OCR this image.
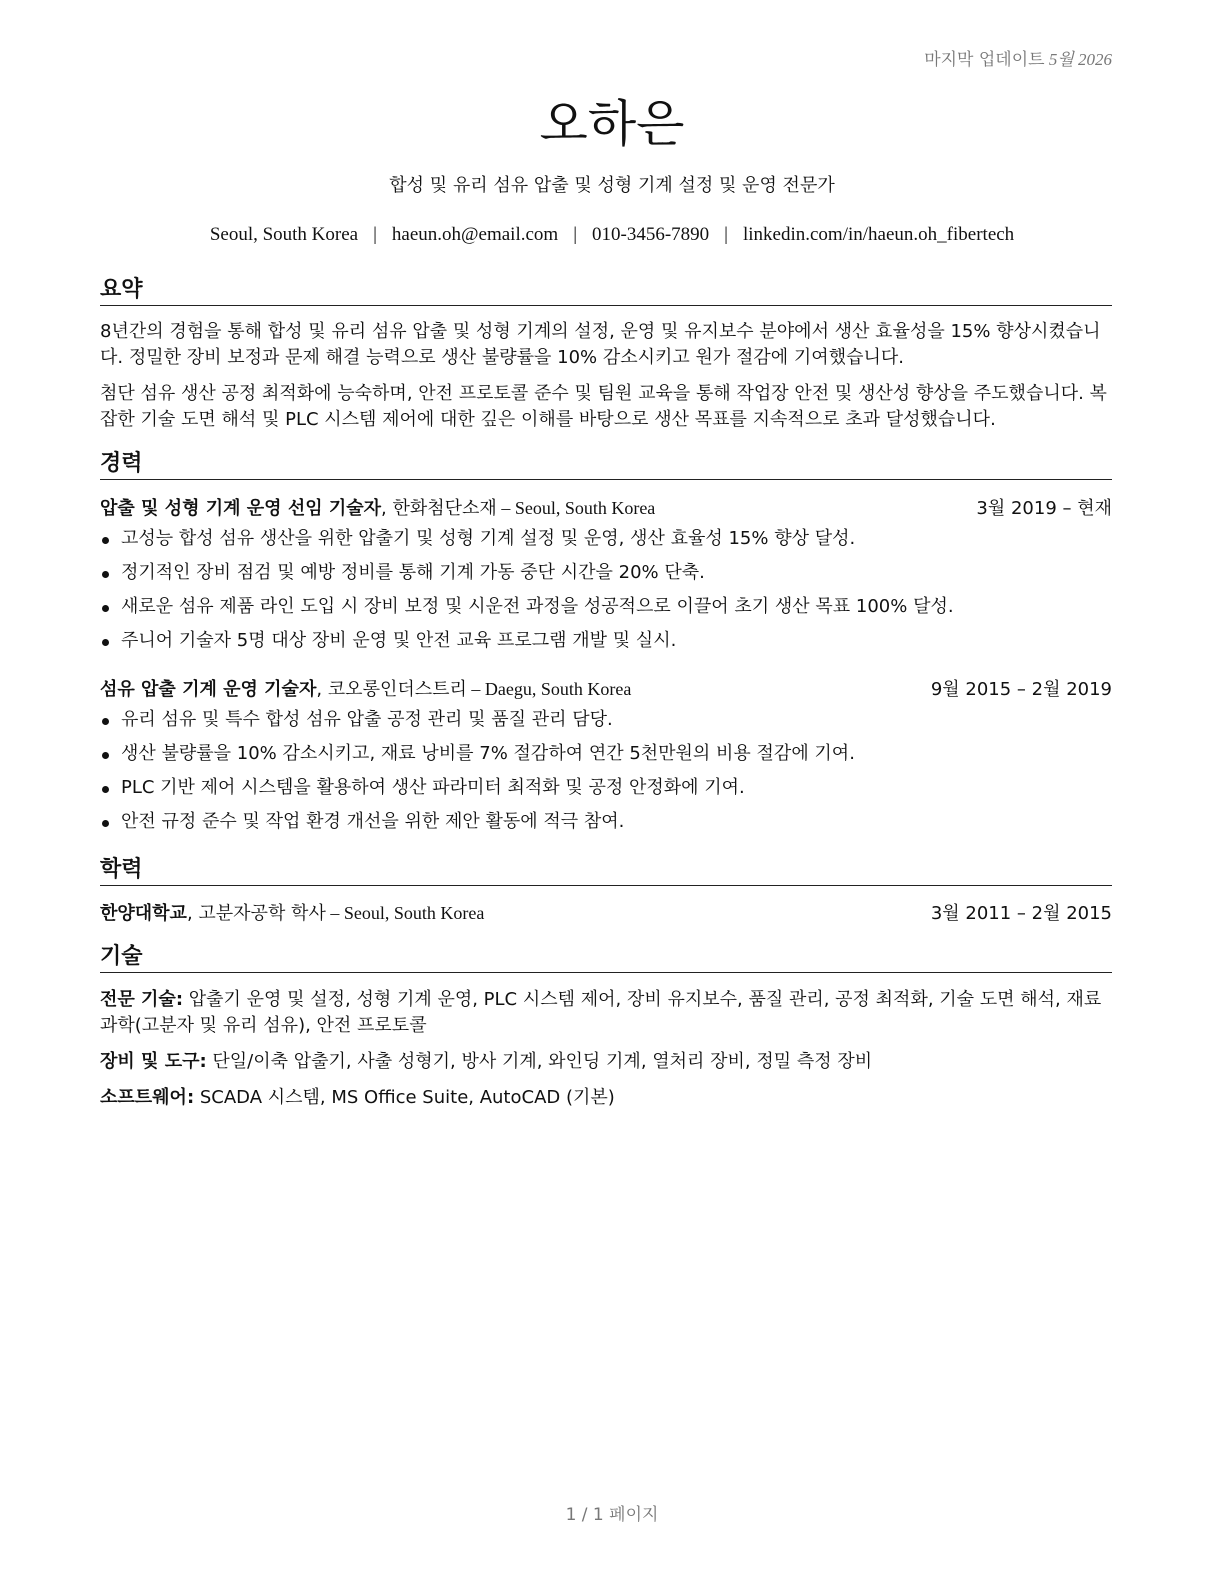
마지막 업데이트 5월 2026
오하은
합성 및 유리 섬유 압출 및 성형 기계 설정 및 운영 전문가
Seoul, South Korea | haeun.oh@email.com | 010-3456-7890 | linkedin.com/in/haeun.oh_fibertech
요약

8년간의 경험을 통해 합성 및 유리 섬유 압출 및 성형 기계의 설정, 운영 및 유지보수 분야에서 생산 효율성을 15% 향상시켰습니다. 정밀한 장비 보정과 문제 해결 능력으로 생산 불량률을 10% 감소시키고 원가 절감에 기여했습니다.

첨단 섬유 생산 공정 최적화에 능숙하며, 안전 프로토콜 준수 및 팀원 교육을 통해 작업장 안전 및 생산성 향상을 주도했습니다. 복잡한 기술 도면 해석 및 PLC 시스템 제어에 대한 깊은 이해를 바탕으로 생산 목표를 지속적으로 초과 달성했습니다.

경력
압출 및 성형 기계 운영 선임 기술자, 한화첨단소재 – Seoul, South Korea	3월 2019 – 현재
고성능 합성 섬유 생산을 위한 압출기 및 성형 기계 설정 및 운영, 생산 효율성 15% 향상 달성.
정기적인 장비 점검 및 예방 정비를 통해 기계 가동 중단 시간을 20% 단축.
새로운 섬유 제품 라인 도입 시 장비 보정 및 시운전 과정을 성공적으로 이끌어 초기 생산 목표 100% 달성.
주니어 기술자 5명 대상 장비 운영 및 안전 교육 프로그램 개발 및 실시.
섬유 압출 기계 운영 기술자, 코오롱인더스트리 – Daegu, South Korea	9월 2015 – 2월 2019
유리 섬유 및 특수 합성 섬유 압출 공정 관리 및 품질 관리 담당.
생산 불량률을 10% 감소시키고, 재료 낭비를 7% 절감하여 연간 5천만원의 비용 절감에 기여.
PLC 기반 제어 시스템을 활용하여 생산 파라미터 최적화 및 공정 안정화에 기여.
안전 규정 준수 및 작업 환경 개선을 위한 제안 활동에 적극 참여.
학력
한양대학교, 고분자공학 학사 – Seoul, South Korea	3월 2011 – 2월 2015
기술

전문 기술: 압출기 운영 및 설정, 성형 기계 운영, PLC 시스템 제어, 장비 유지보수, 품질 관리, 공정 최적화, 기술 도면 해석, 재료 과학(고분자 및 유리 섬유), 안전 프로토콜

장비 및 도구: 단일/이축 압출기, 사출 성형기, 방사 기계, 와인딩 기계, 열처리 장비, 정밀 측정 장비

소프트웨어: SCADA 시스템, MS Office Suite, AutoCAD (기본)

1 / 1 페이지
